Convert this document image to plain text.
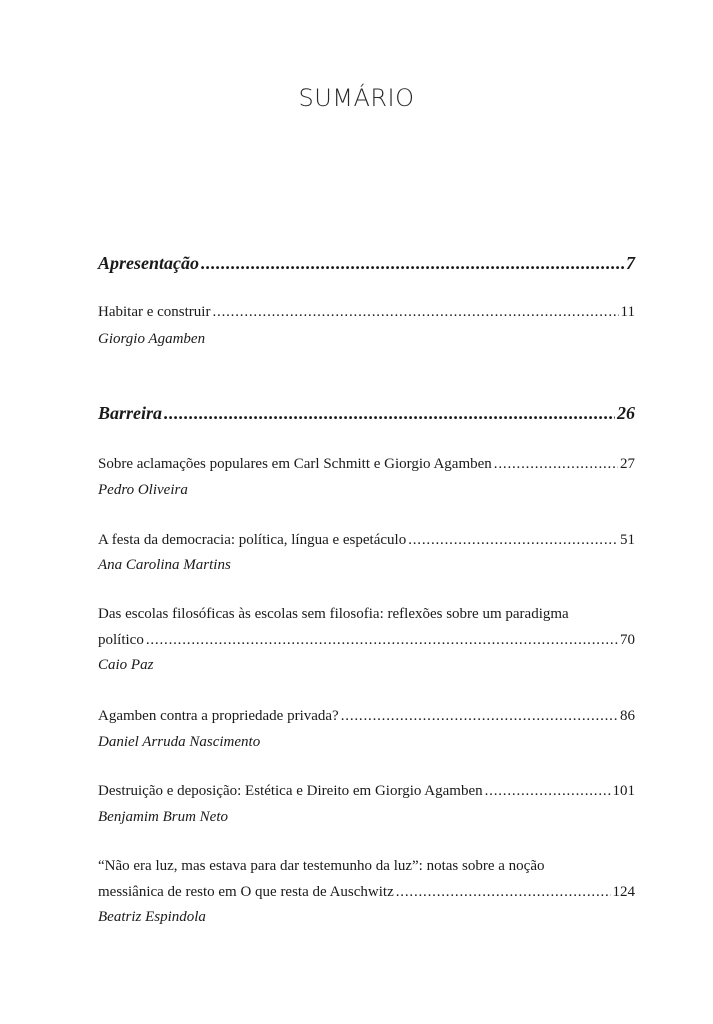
SUMÁRIO
Apresentação .....	7
Habitar e construir .....	11
Giorgio Agamben
Barreira .....	26
Sobre aclamações populares em Carl Schmitt e Giorgio Agamben .....	27
Pedro Oliveira
A festa da democracia: política, língua e espetáculo .....	51
Ana Carolina Martins
Das escolas filosóficas às escolas sem filosofia: reflexões sobre um paradigma
político .....	70
Caio Paz
Agamben contra a propriedade privada? .....	86
Daniel Arruda Nascimento
Destruição e deposição: Estética e Direito em Giorgio Agamben .....	101
Benjamim Brum Neto
“Não era luz, mas estava para dar testemunho da luz”: notas sobre a noção
messiânica de resto em O que resta de Auschwitz .....	124
Beatriz Espindola
